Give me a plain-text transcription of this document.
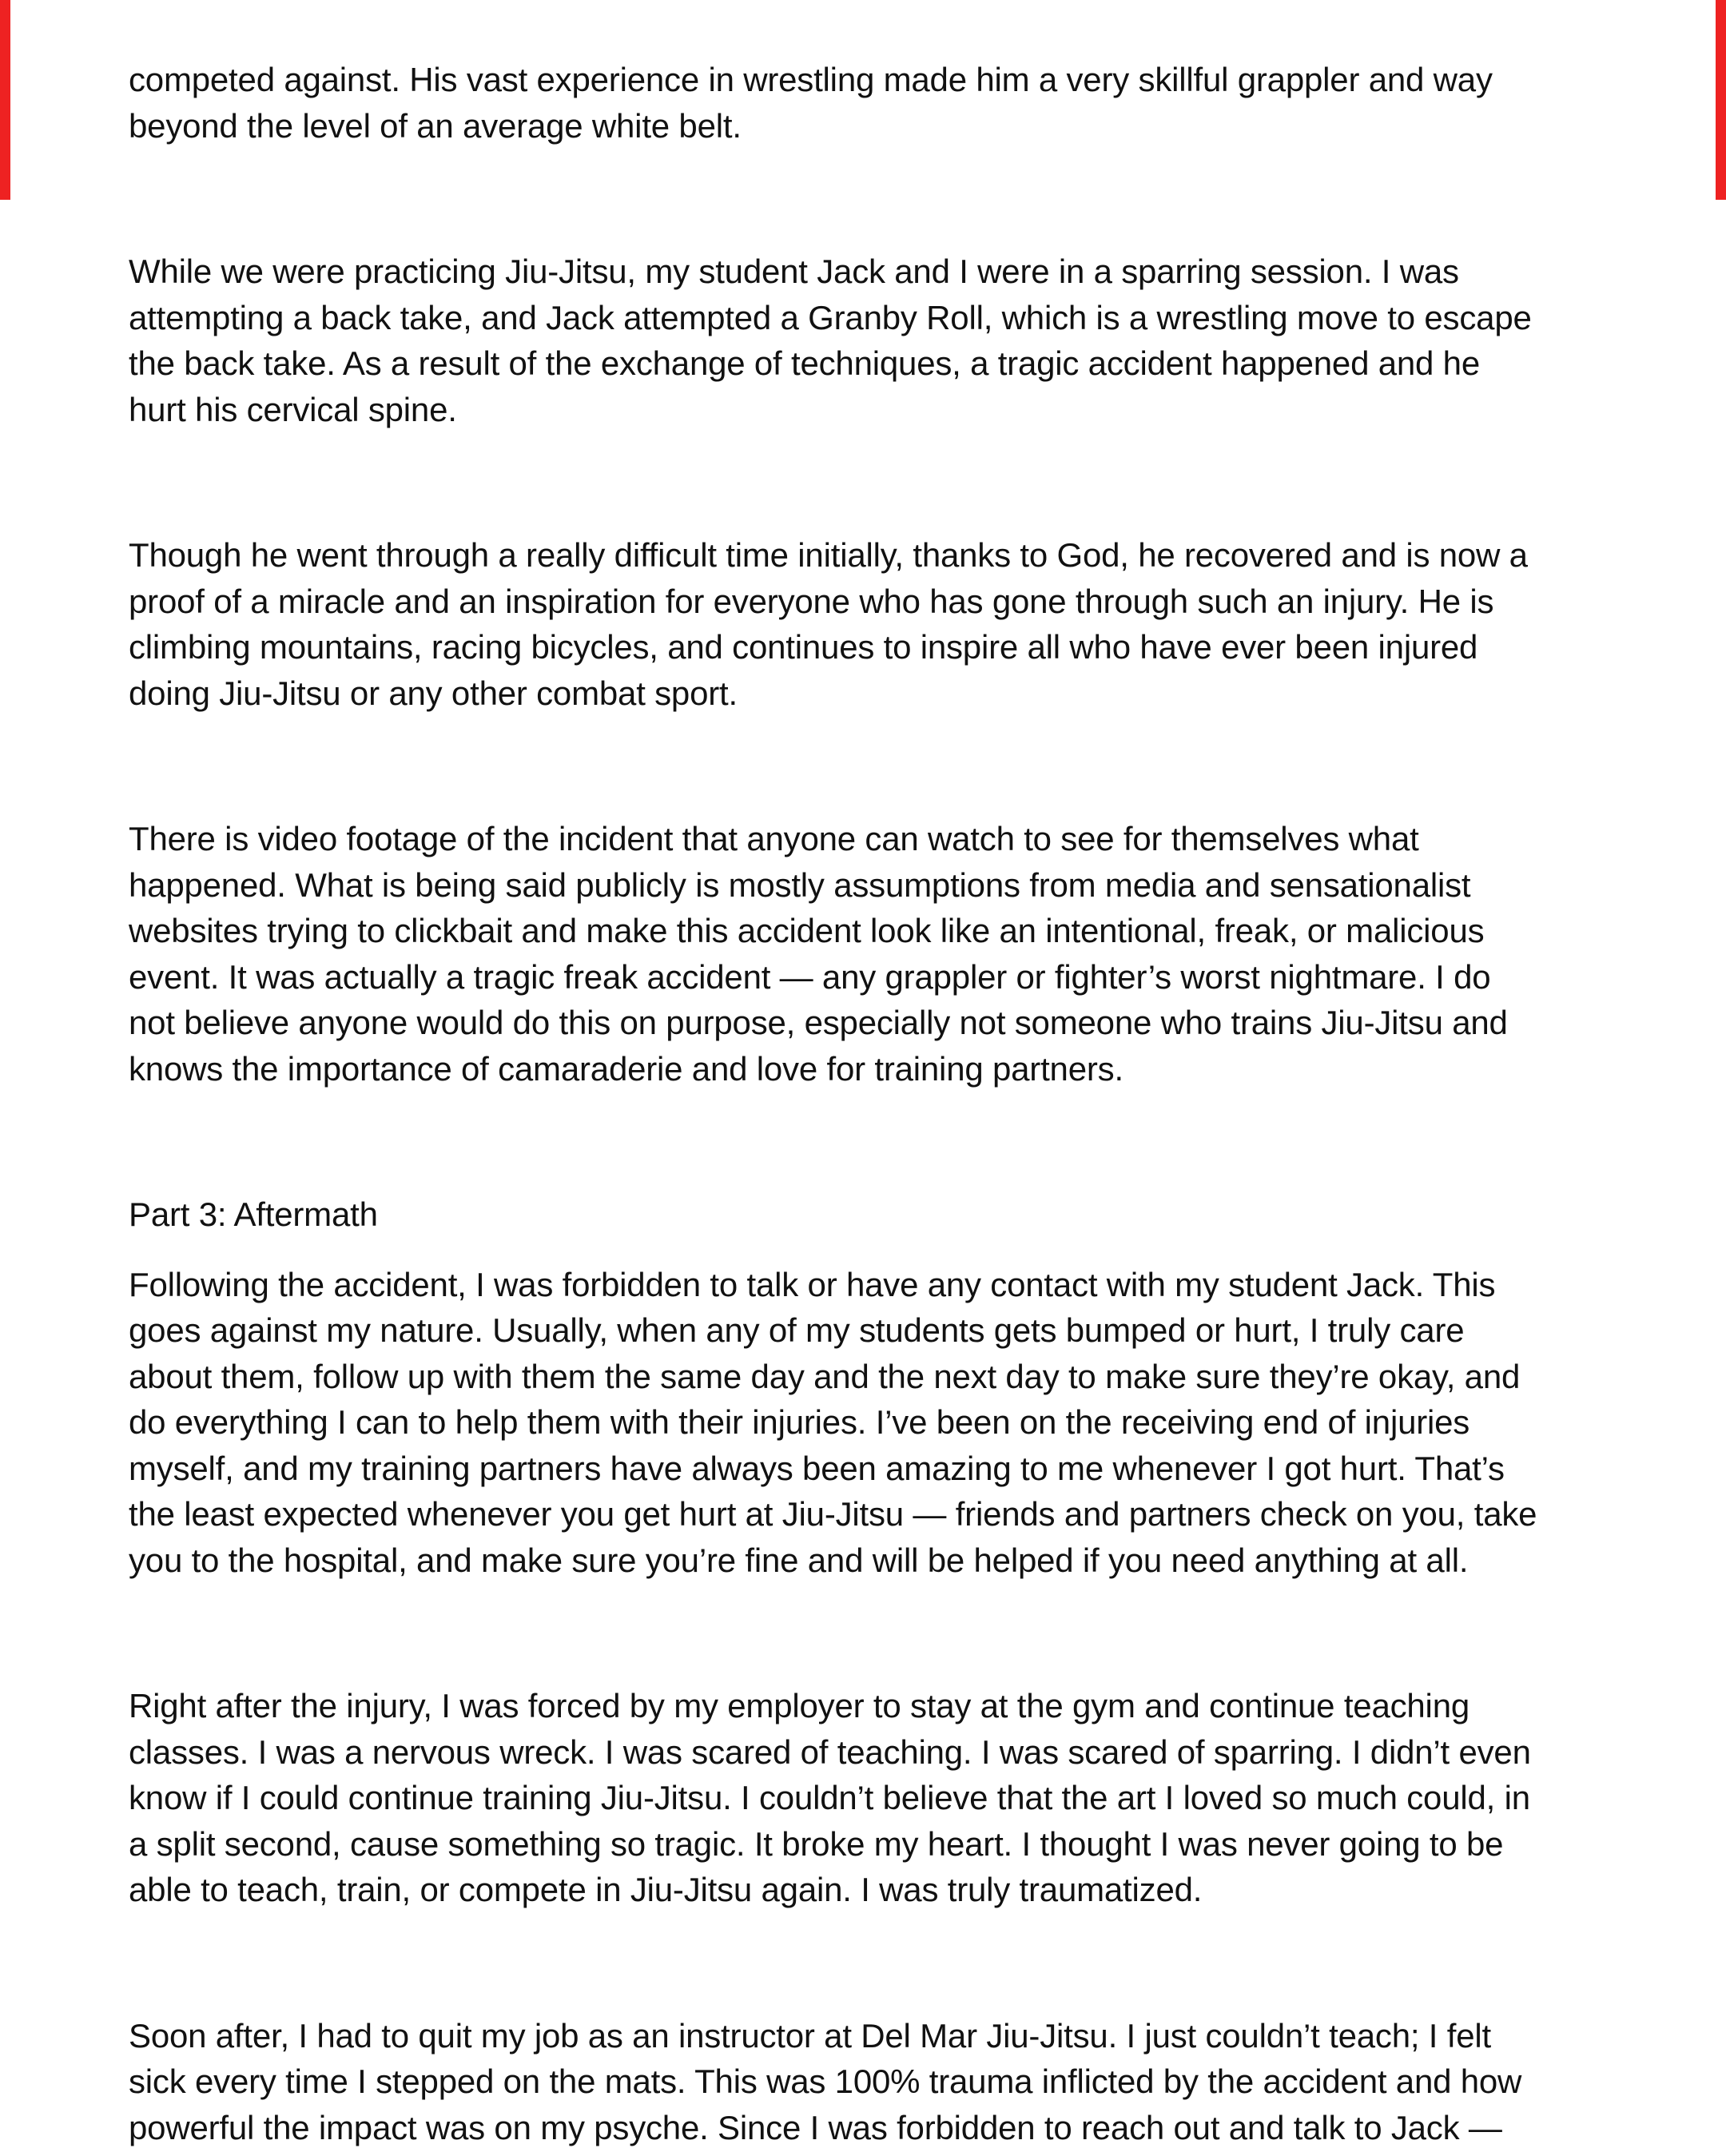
competed against. His vast experience in wrestling made him a very skillful grappler and way
beyond the level of an average white belt.
While we were practicing Jiu-Jitsu, my student Jack and I were in a sparring session. I was
attempting a back take, and Jack attempted a Granby Roll, which is a wrestling move to escape
the back take. As a result of the exchange of techniques, a tragic accident happened and he
hurt his cervical spine.
Though he went through a really difficult time initially, thanks to God, he recovered and is now a
proof of a miracle and an inspiration for everyone who has gone through such an injury. He is
climbing mountains, racing bicycles, and continues to inspire all who have ever been injured
doing Jiu-Jitsu or any other combat sport.
There is video footage of the incident that anyone can watch to see for themselves what
happened. What is being said publicly is mostly assumptions from media and sensationalist
websites trying to clickbait and make this accident look like an intentional, freak, or malicious
event. It was actually a tragic freak accident — any grappler or fighter’s worst nightmare. I do
not believe anyone would do this on purpose, especially not someone who trains Jiu-Jitsu and
knows the importance of camaraderie and love for training partners.
Part 3: Aftermath
Following the accident, I was forbidden to talk or have any contact with my student Jack. This
goes against my nature. Usually, when any of my students gets bumped or hurt, I truly care
about them, follow up with them the same day and the next day to make sure they’re okay, and
do everything I can to help them with their injuries. I’ve been on the receiving end of injuries
myself, and my training partners have always been amazing to me whenever I got hurt. That’s
the least expected whenever you get hurt at Jiu-Jitsu — friends and partners check on you, take
you to the hospital, and make sure you’re fine and will be helped if you need anything at all.
Right after the injury, I was forced by my employer to stay at the gym and continue teaching
classes. I was a nervous wreck. I was scared of teaching. I was scared of sparring. I didn’t even
know if I could continue training Jiu-Jitsu. I couldn’t believe that the art I loved so much could, in
a split second, cause something so tragic. It broke my heart. I thought I was never going to be
able to teach, train, or compete in Jiu-Jitsu again. I was truly traumatized.
Soon after, I had to quit my job as an instructor at Del Mar Jiu-Jitsu. I just couldn’t teach; I felt
sick every time I stepped on the mats. This was 100% trauma inflicted by the accident and how
powerful the impact was on my psyche. Since I was forbidden to reach out and talk to Jack —
